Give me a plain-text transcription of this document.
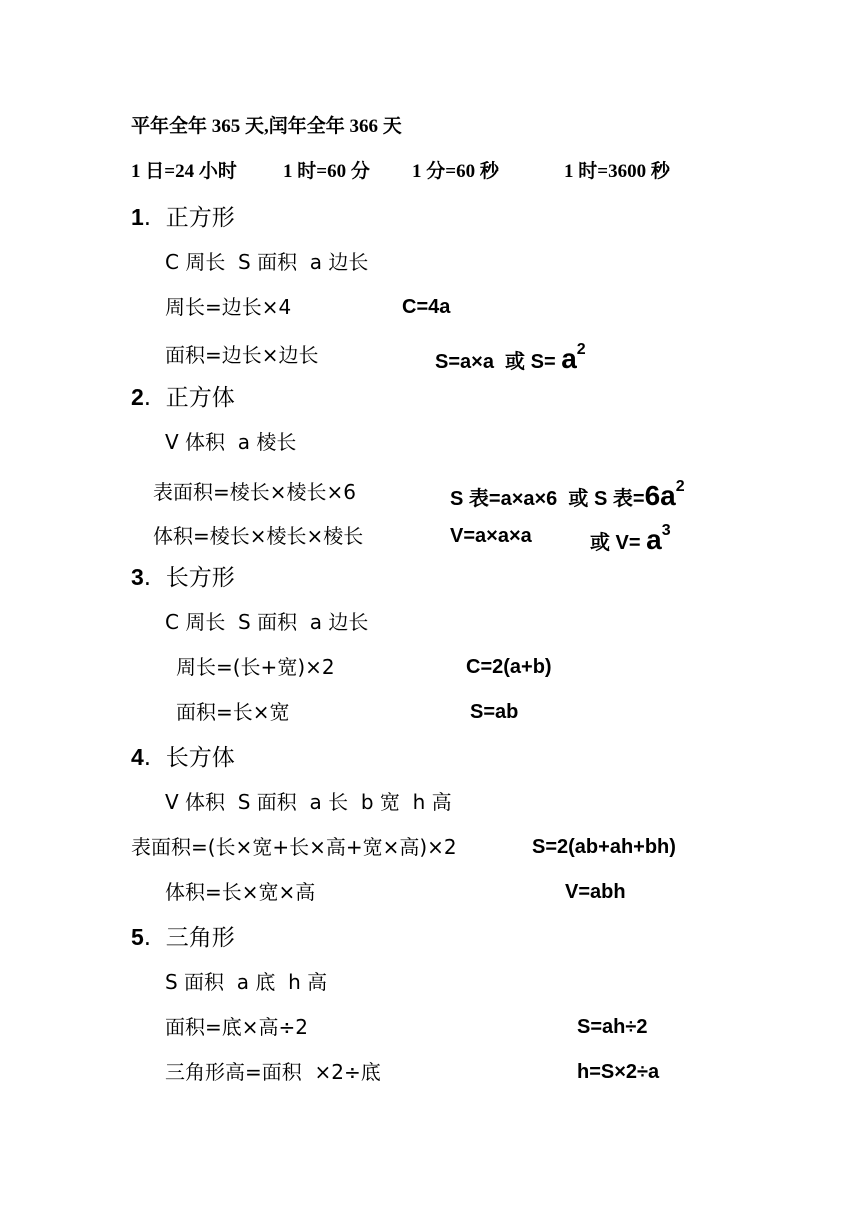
平年全年 365 天,闰年全年 366 天
1 日=24 小时 1 时=60 分 1 分=60 秒	1 时=3600 秒
1.  正方形
C 周长  S 面积  a 边长
周长=边长×4	C=4a
面积=边长×边长	S=a×a  或 $S= a^2$
2.  正方体
V 体积  a 棱长
表面积=棱长×棱长×6	S 表=a×a×6  或 S 表$=6a^2$
体积=棱长×棱长×棱长	V=a×a×a	或 $V= a^3$
3.  长方形
C 周长  S 面积  a 边长
周长=(长+宽)×2	C=2(a+b)
面积=长×宽	S=ab
4.  长方体
V 体积  S 面积  a 长  b 宽  h 高
表面积=(长×宽+长×高+宽×高)×2	S=2(ab+ah+bh)
体积=长×宽×高	V=abh
5.  三角形
S 面积  a 底  h 高
面积=底×高÷2	S=ah÷2
三角形高=面积  ×2÷底	h=S×2÷a
